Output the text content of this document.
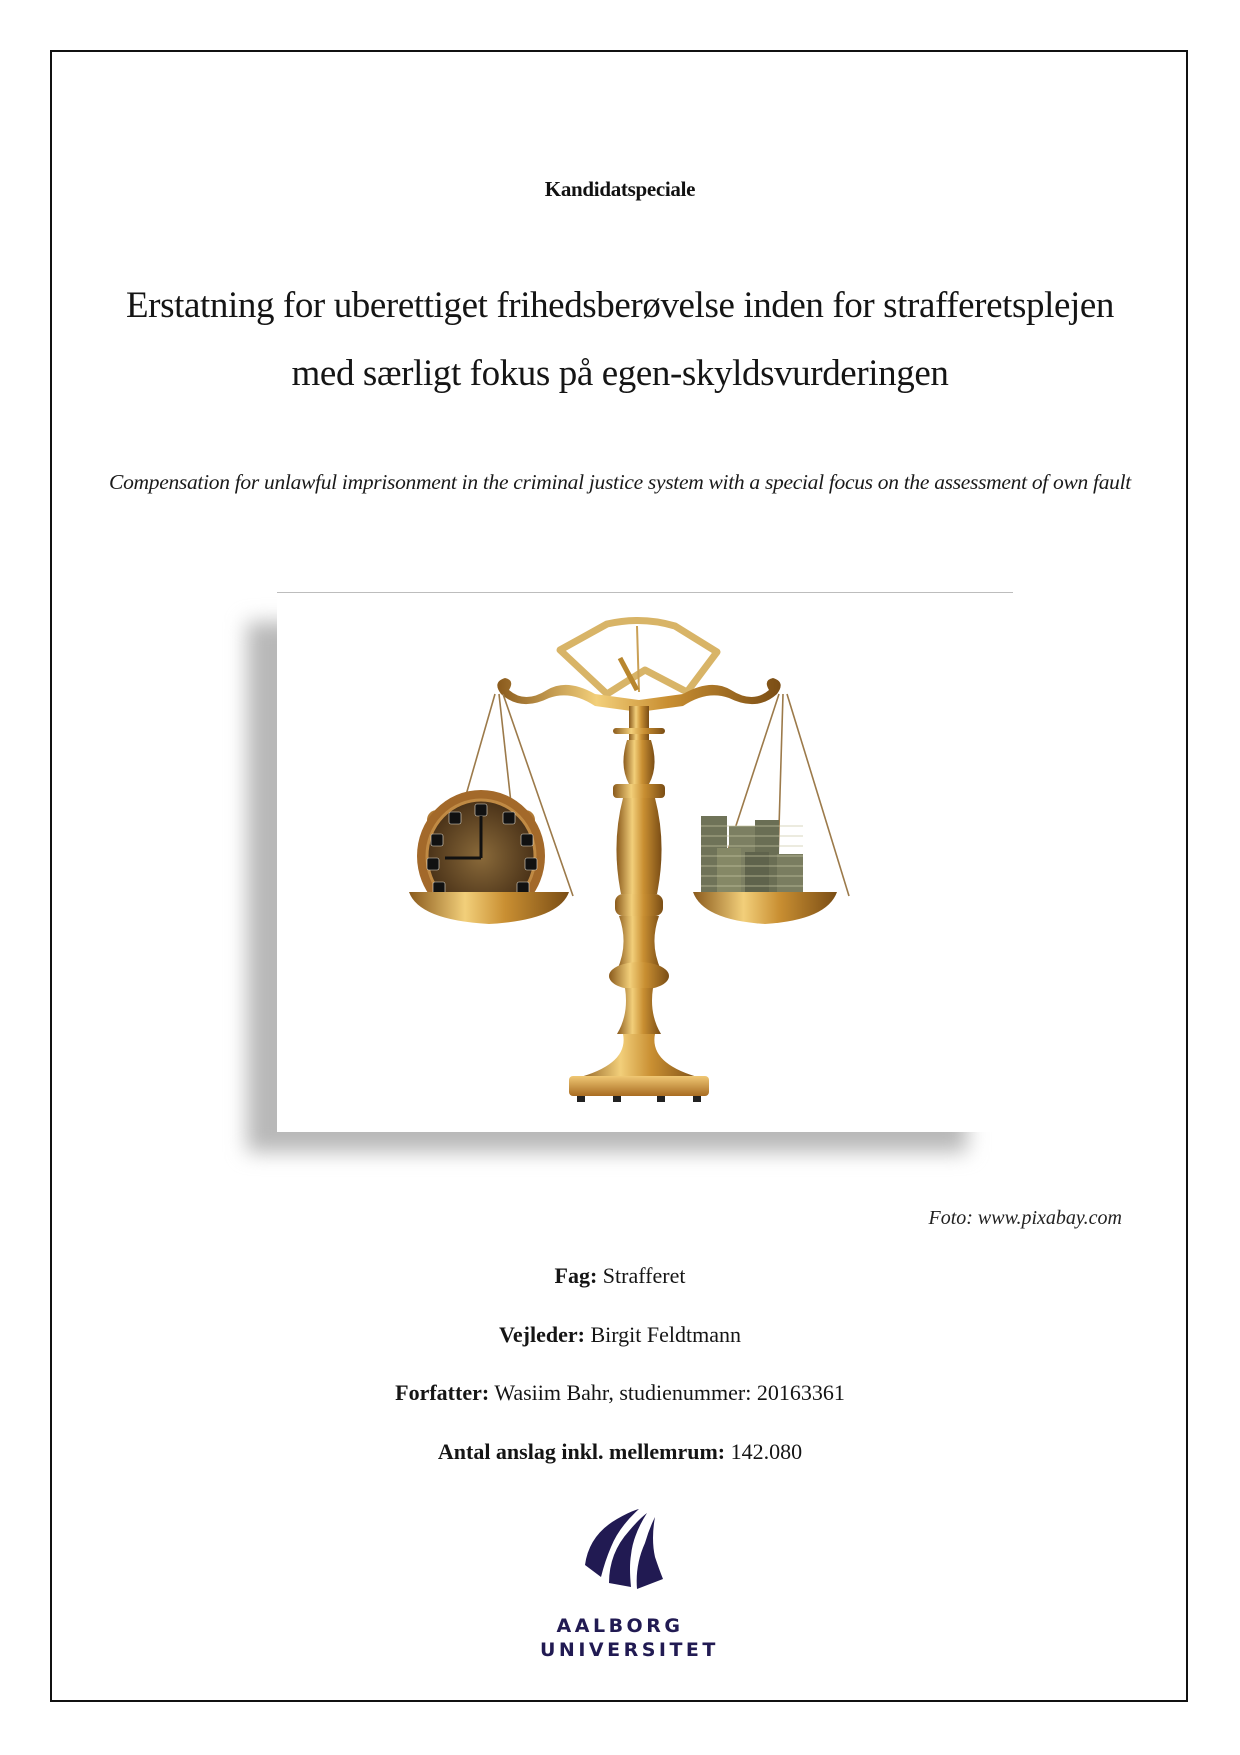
Kandidatspeciale
Erstatning for uberettiget frihedsberøvelse inden for strafferetsplejen
med særligt fokus på egen-skyldsvurderingen
Compensation for unlawful imprisonment in the criminal justice system with a special focus on the assessment of own fault
Foto: www.pixabay.com
Fag: Strafferet
Vejleder: Birgit Feldtmann
Forfatter: Wasiim Bahr, studienummer: 20163361
Antal anslag inkl. mellemrum: 142.080
AALBORG
UNIVERSITET
